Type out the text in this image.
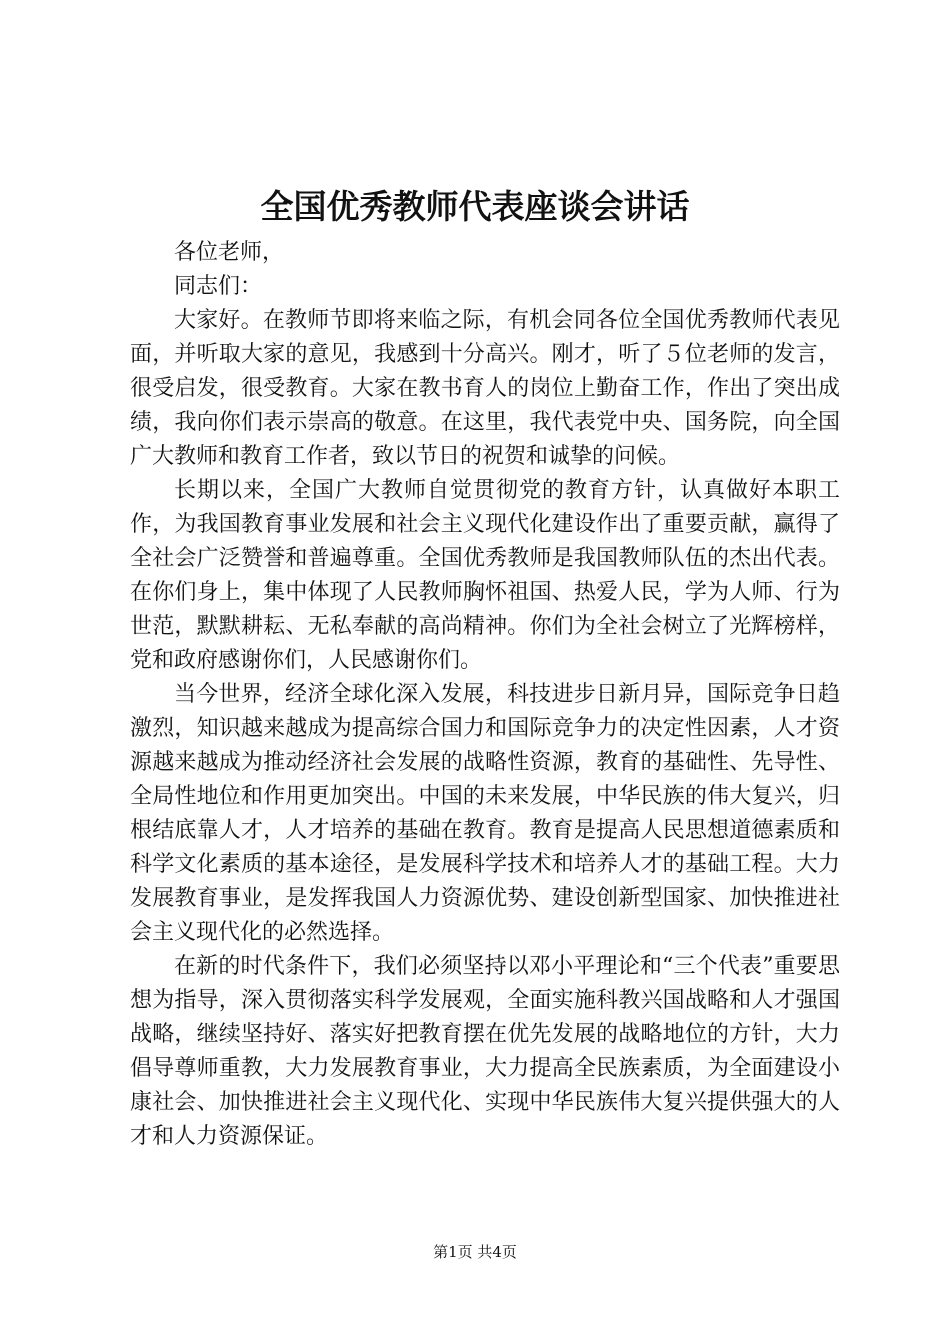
全国优秀教师代表座谈会讲话

各位老师，

同志们：

大家好。在教师节即将来临之际，有机会同各位全国优秀教师代表见面，并听取大家的意见，我感到十分高兴。刚才，听了５位老师的发言，很受启发，很受教育。大家在教书育人的岗位上勤奋工作，作出了突出成绩，我向你们表示崇高的敬意。在这里，我代表党中央、国务院，向全国广大教师和教育工作者，致以节日的祝贺和诚挚的问候。

长期以来，全国广大教师自觉贯彻党的教育方针，认真做好本职工作，为我国教育事业发展和社会主义现代化建设作出了重要贡献，赢得了全社会广泛赞誉和普遍尊重。全国优秀教师是我国教师队伍的杰出代表。在你们身上，集中体现了人民教师胸怀祖国、热爱人民，学为人师、行为世范，默默耕耘、无私奉献的高尚精神。你们为全社会树立了光辉榜样，党和政府感谢你们，人民感谢你们。

当今世界，经济全球化深入发展，科技进步日新月异，国际竞争日趋激烈，知识越来越成为提高综合国力和国际竞争力的决定性因素，人才资源越来越成为推动经济社会发展的战略性资源，教育的基础性、先导性、全局性地位和作用更加突出。中国的未来发展，中华民族的伟大复兴，归根结底靠人才，人才培养的基础在教育。教育是提高人民思想道德素质和科学文化素质的基本途径，是发展科学技术和培养人才的基础工程。大力发展教育事业，是发挥我国人力资源优势、建设创新型国家、加快推进社会主义现代化的必然选择。

在新的时代条件下，我们必须坚持以邓小平理论和“三个代表”重要思想为指导，深入贯彻落实科学发展观，全面实施科教兴国战略和人才强国战略，继续坚持好、落实好把教育摆在优先发展的战略地位的方针，大力倡导尊师重教，大力发展教育事业，大力提高全民族素质，为全面建设小康社会、加快推进社会主义现代化、实现中华民族伟大复兴提供强大的人才和人力资源保证。

第1页 共4页
